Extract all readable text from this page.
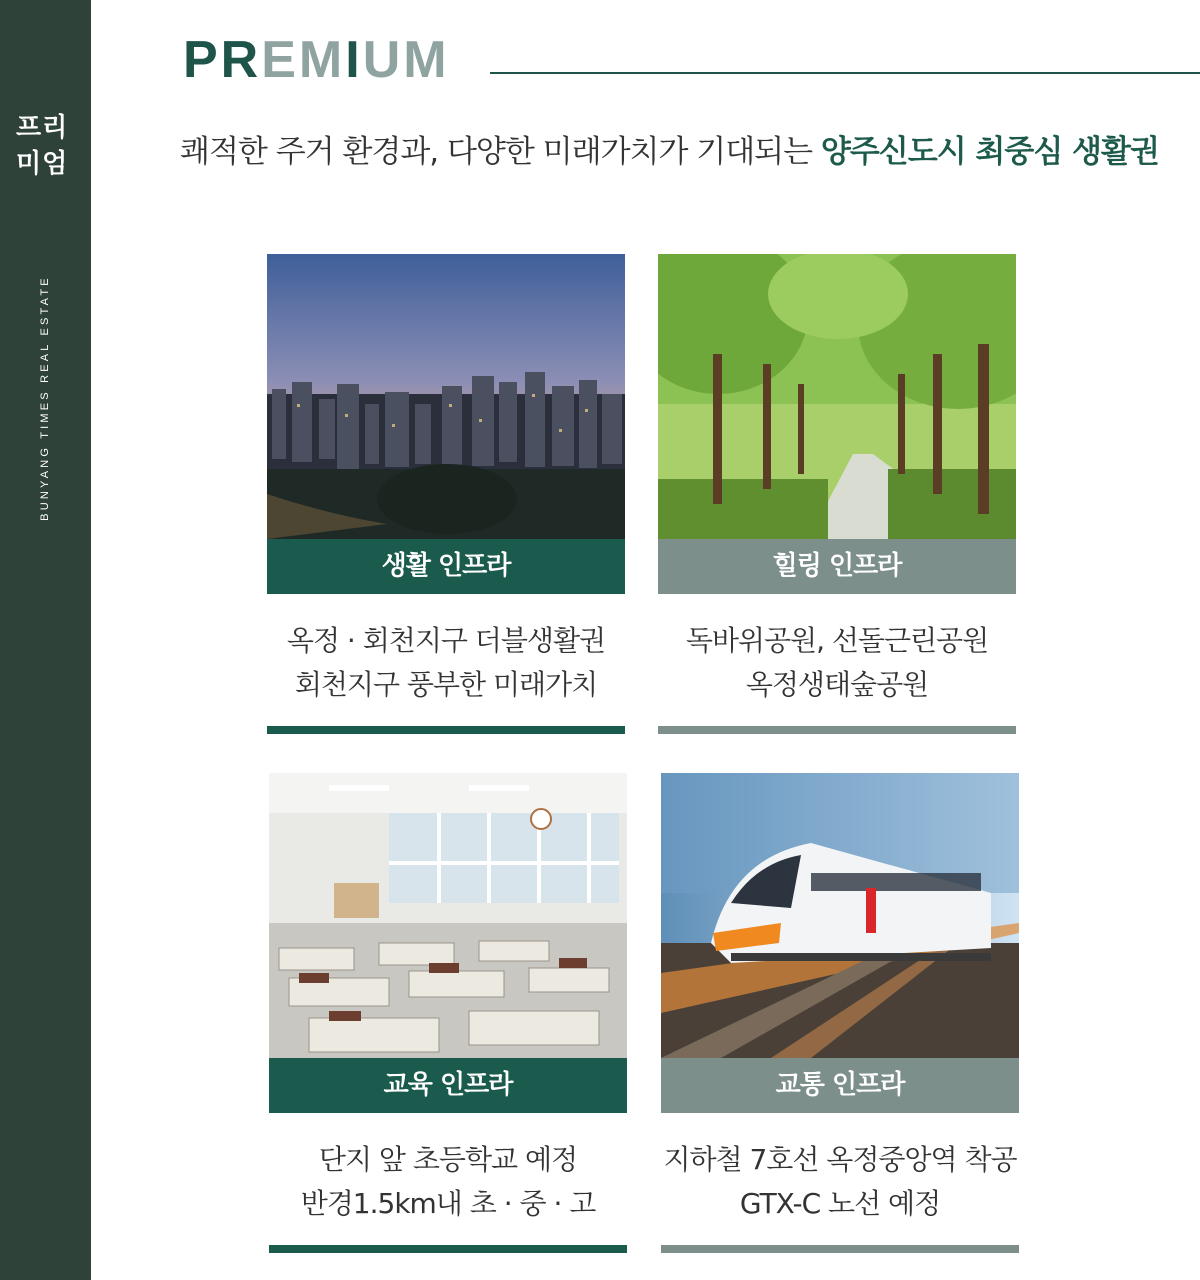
프리
미엄
BUNYANG TIMES REAL ESTATE
PREMIUM
쾌적한 주거 환경과, 다양한 미래가치가 기대되는 양주신도시 최중심 생활권
생활 인프라
옥정 · 회천지구 더블생활권
회천지구 풍부한 미래가치
힐링 인프라
독바위공원, 선돌근린공원
옥정생태숲공원
교육 인프라
단지 앞 초등학교 예정
반경1.5km내 초 · 중 · 고
교통 인프라
지하철 7호선 옥정중앙역 착공
GTX-C 노선 예정
